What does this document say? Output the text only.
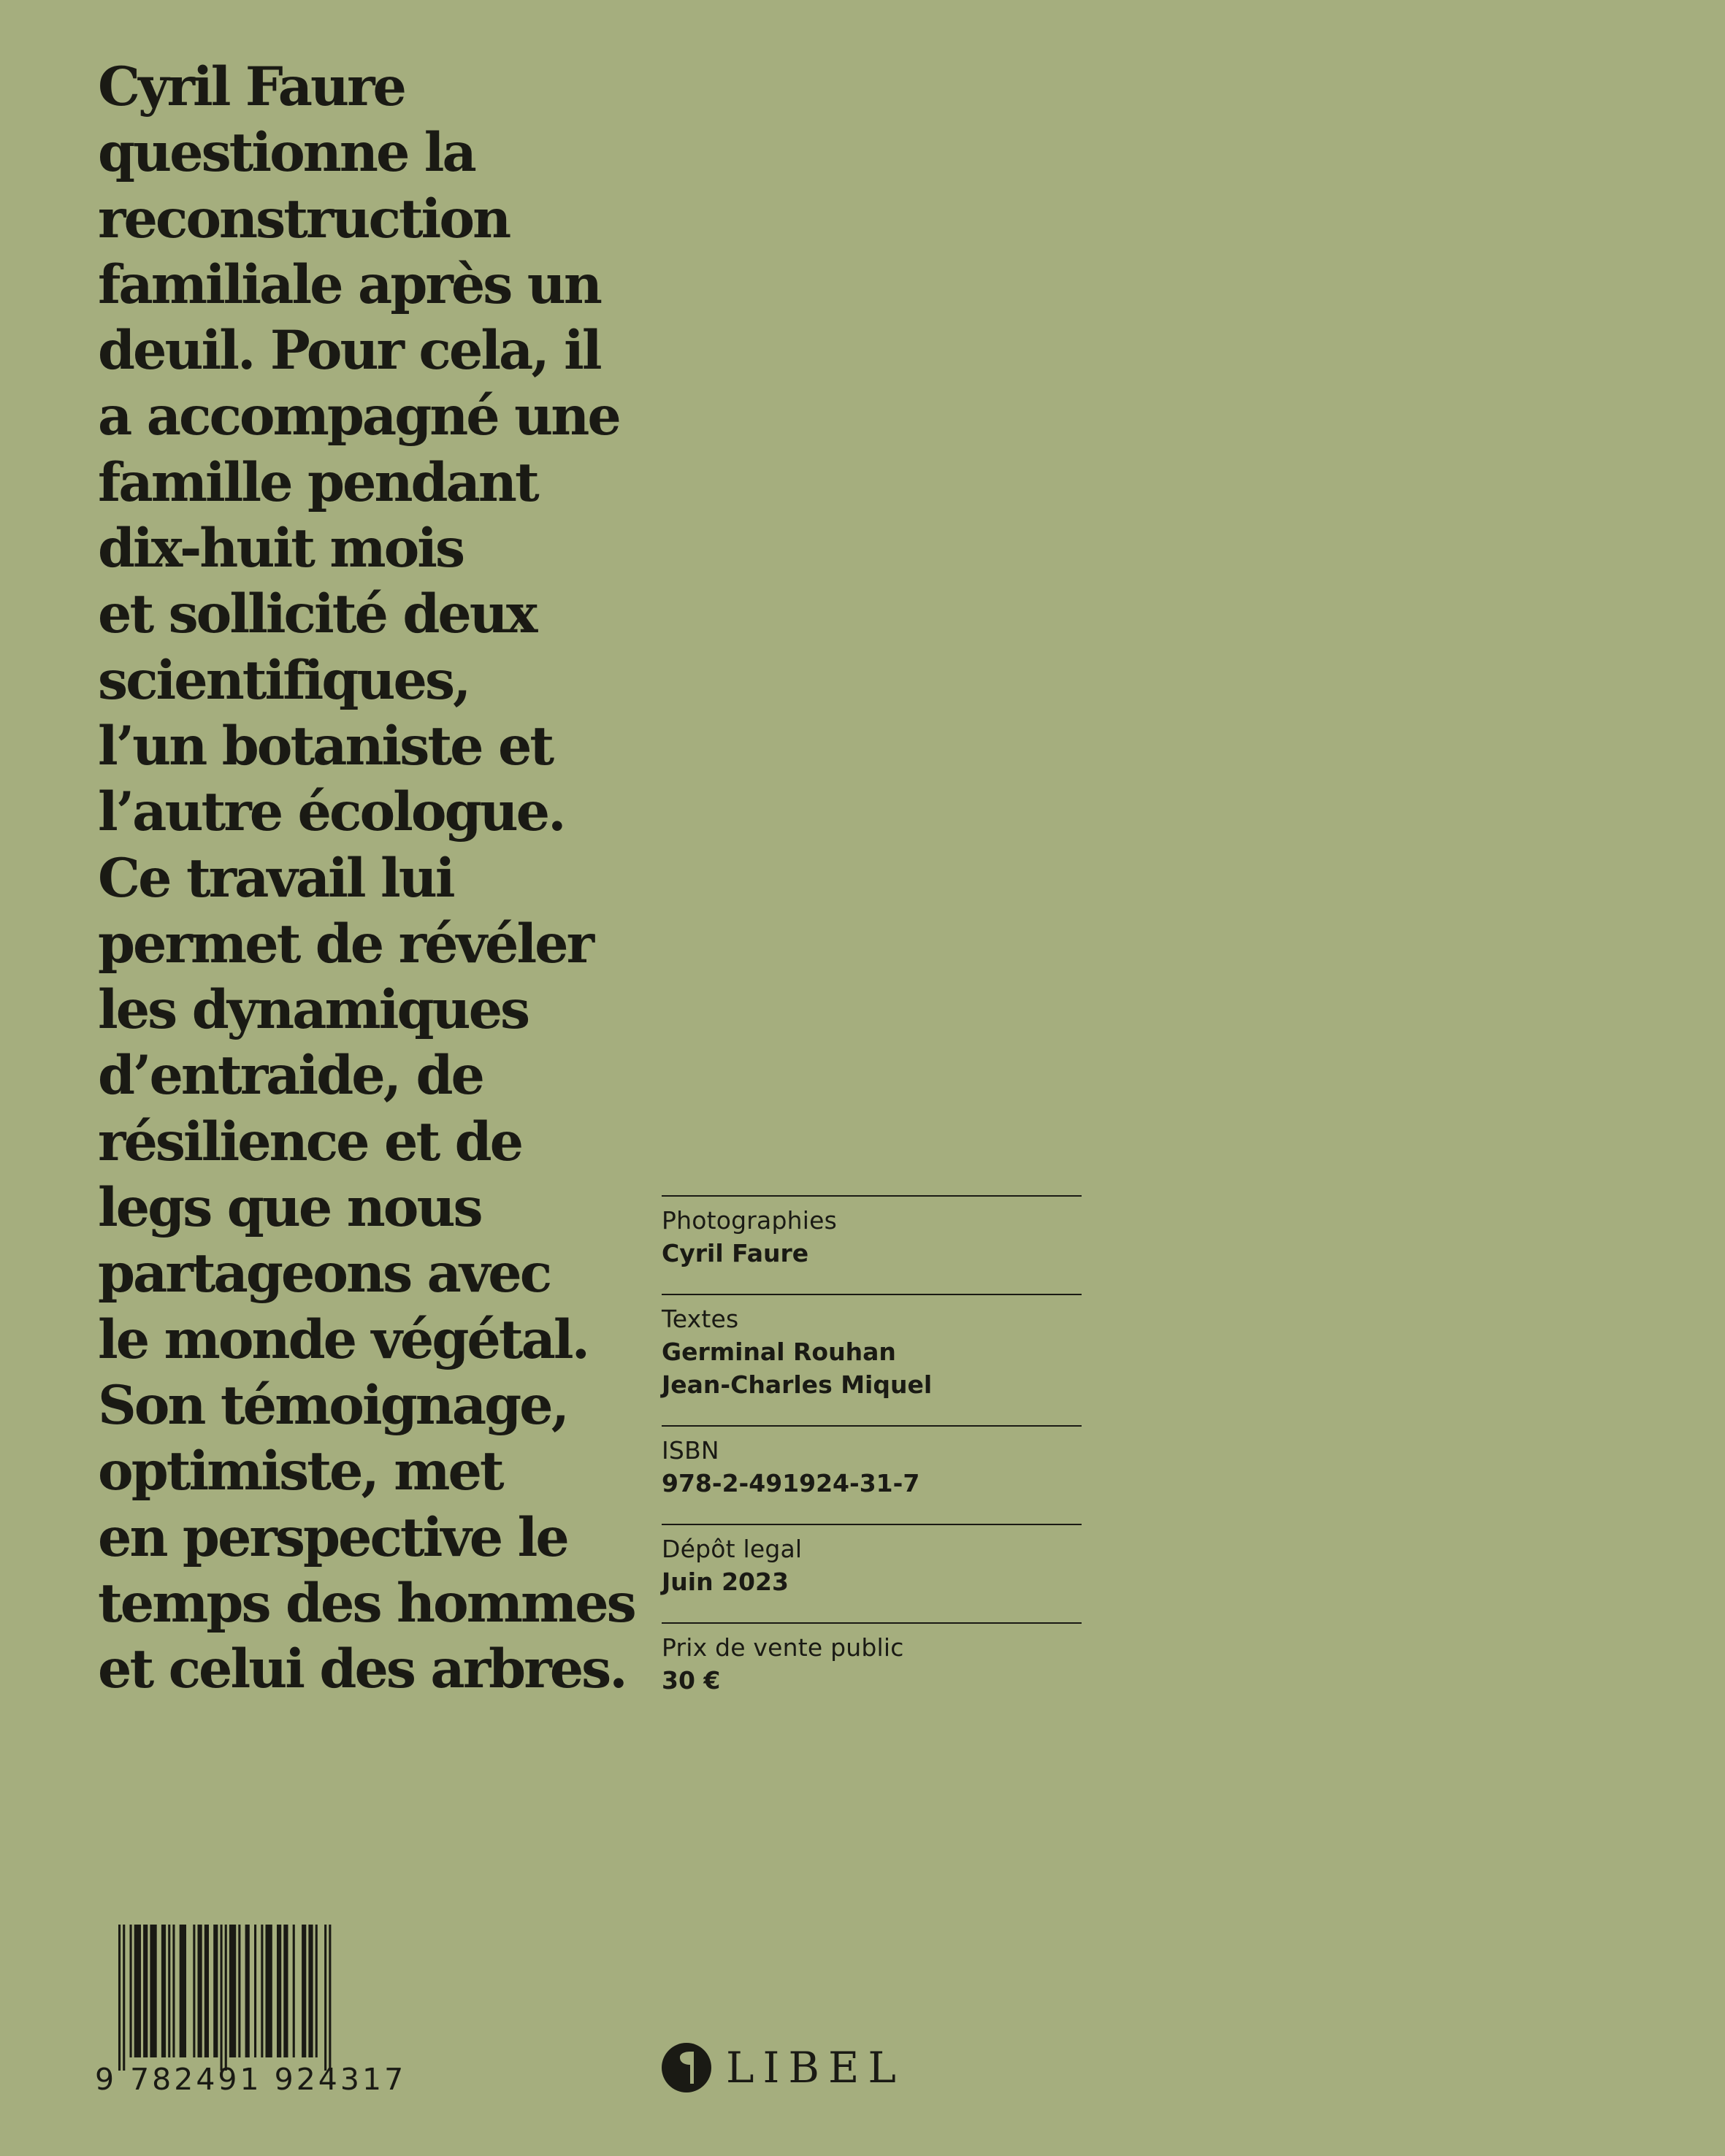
Cyril Faure
questionne la
reconstruction
familiale après un
deuil. Pour cela, il
a accompagné une
famille pendant
dix-huit mois
et sollicité deux
scientifiques,
l’un botaniste et
l’autre écologue.
Ce travail lui
permet de révéler
les dynamiques
d’entraide, de
résilience et de
legs que nous
partageons avec
le monde végétal.
Son témoignage,
optimiste, met
en perspective le
temps des hommes
et celui des arbres.
Photographies
Cyril Faure
Textes
Germinal Rouhan
Jean-Charles Miquel
ISBN
978-2-491924-31-7
Dépôt legal
Juin 2023
Prix de vente public
30 €
9 782491 924317	LIBEL
